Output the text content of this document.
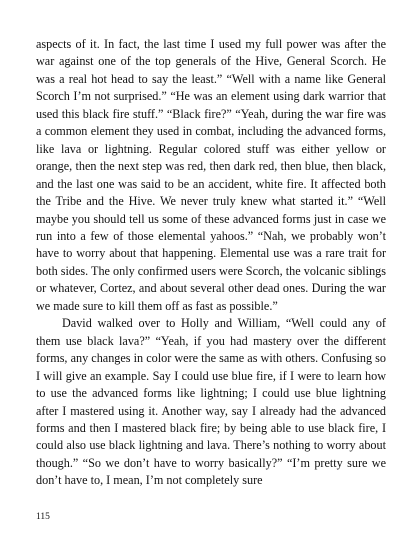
aspects of it. In fact, the last time I used my full power was after the war against one of the top generals of the Hive, General Scorch. He was a real hot head to say the least.” “Well with a name like General Scorch I’m not surprised.” “He was an element using dark warrior that used this black fire stuff.” “Black fire?” “Yeah, during the war fire was a common element they used in combat, including the advanced forms, like lava or lightning. Regular colored stuff was either yellow or orange, then the next step was red, then dark red, then blue, then black, and the last one was said to be an accident, white fire. It affected both the Tribe and the Hive. We never truly knew what started it.” “Well maybe you should tell us some of these advanced forms just in case we run into a few of those elemental yahoos.” “Nah, we probably won’t have to worry about that happening. Elemental use was a rare trait for both sides. The only confirmed users were Scorch, the volcanic siblings or whatever, Cortez, and about several other dead ones. During the war we made sure to kill them off as fast as possible.”

David walked over to Holly and William, “Well could any of them use black lava?” “Yeah, if you had mastery over the different forms, any changes in color were the same as with others. Confusing so I will give an example. Say I could use blue fire, if I were to learn how to use the advanced forms like lightning; I could use blue lightning after I mastered using it. Another way, say I already had the advanced forms and then I mastered black fire; by being able to use black fire, I could also use black lightning and lava. There’s nothing to worry about though.” “So we don’t have to worry basically?” “I’m pretty sure we don’t have to, I mean, I’m not completely sure

115
